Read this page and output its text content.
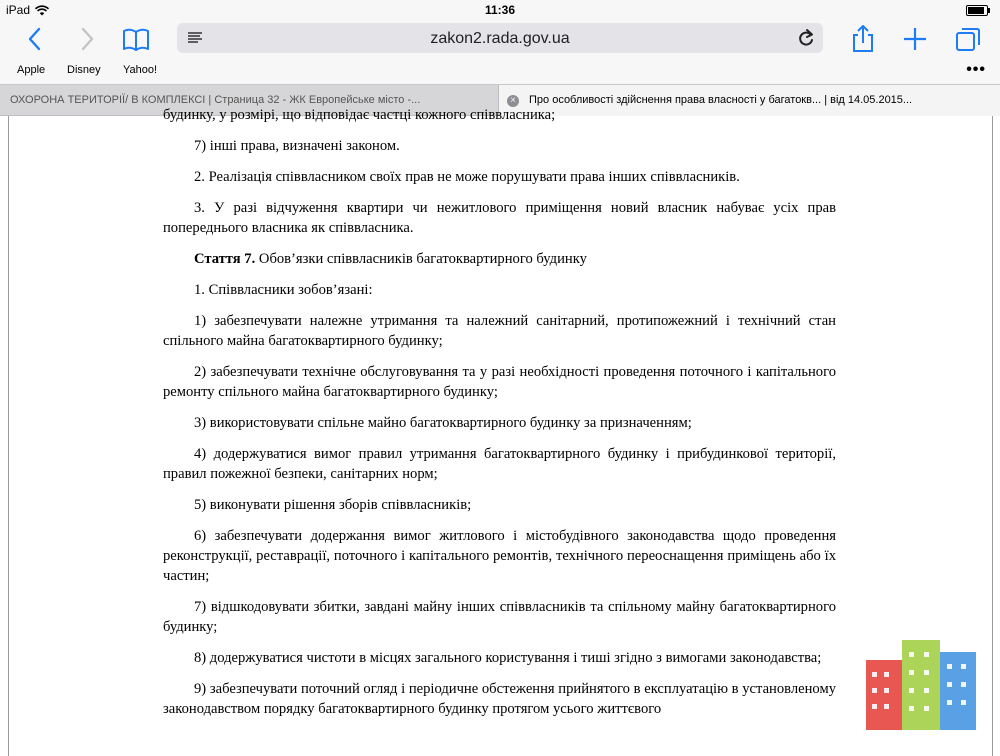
iPad	11:36
zakon2.rada.gov.ua
Apple Disney Yahoo!	•••
ОХОРОНА ТЕРИТОРІЇ/ В КОМПЛЕКСІ | Страница 32 - ЖК Европейське місто -...	× Про особливості здійснення права власності у багатокв... | від 14.05.2015...

будинку, у розмірі, що відповідає частці кожного співвласника;

7) інші права, визначені законом.

2. Реалізація співвласником своїх прав не може порушувати права інших співвласників.

3. У разі відчуження квартири чи нежитлового приміщення новий власник набуває усіх прав попереднього власника як співвласника.

Стаття 7. Обов’язки співвласників багатоквартирного будинку

1. Співвласники зобов’язані:

1) забезпечувати належне утримання та належний санітарний, протипожежний і технічний стан спільного майна багатоквартирного будинку;

2) забезпечувати технічне обслуговування та у разі необхідності проведення поточного і капітального ремонту спільного майна багатоквартирного будинку;

3) використовувати спільне майно багатоквартирного будинку за призначенням;

4) додержуватися вимог правил утримання багатоквартирного будинку і прибудинкової території, правил пожежної безпеки, санітарних норм;

5) виконувати рішення зборів співвласників;

6) забезпечувати додержання вимог житлового і містобудівного законодавства щодо проведення реконструкції, реставрації, поточного і капітального ремонтів, технічного переоснащення приміщень або їх частин;

7) відшкодовувати збитки, завдані майну інших співвласників та спільному майну багатоквартирного будинку;

8) додержуватися чистоти в місцях загального користування і тиші згідно з вимогами законодавства;

9) забезпечувати поточний огляд і періодичне обстеження прийнятого в експлуатацію в установленому законодавством порядку багатоквартирного будинку протягом усього життєвого
